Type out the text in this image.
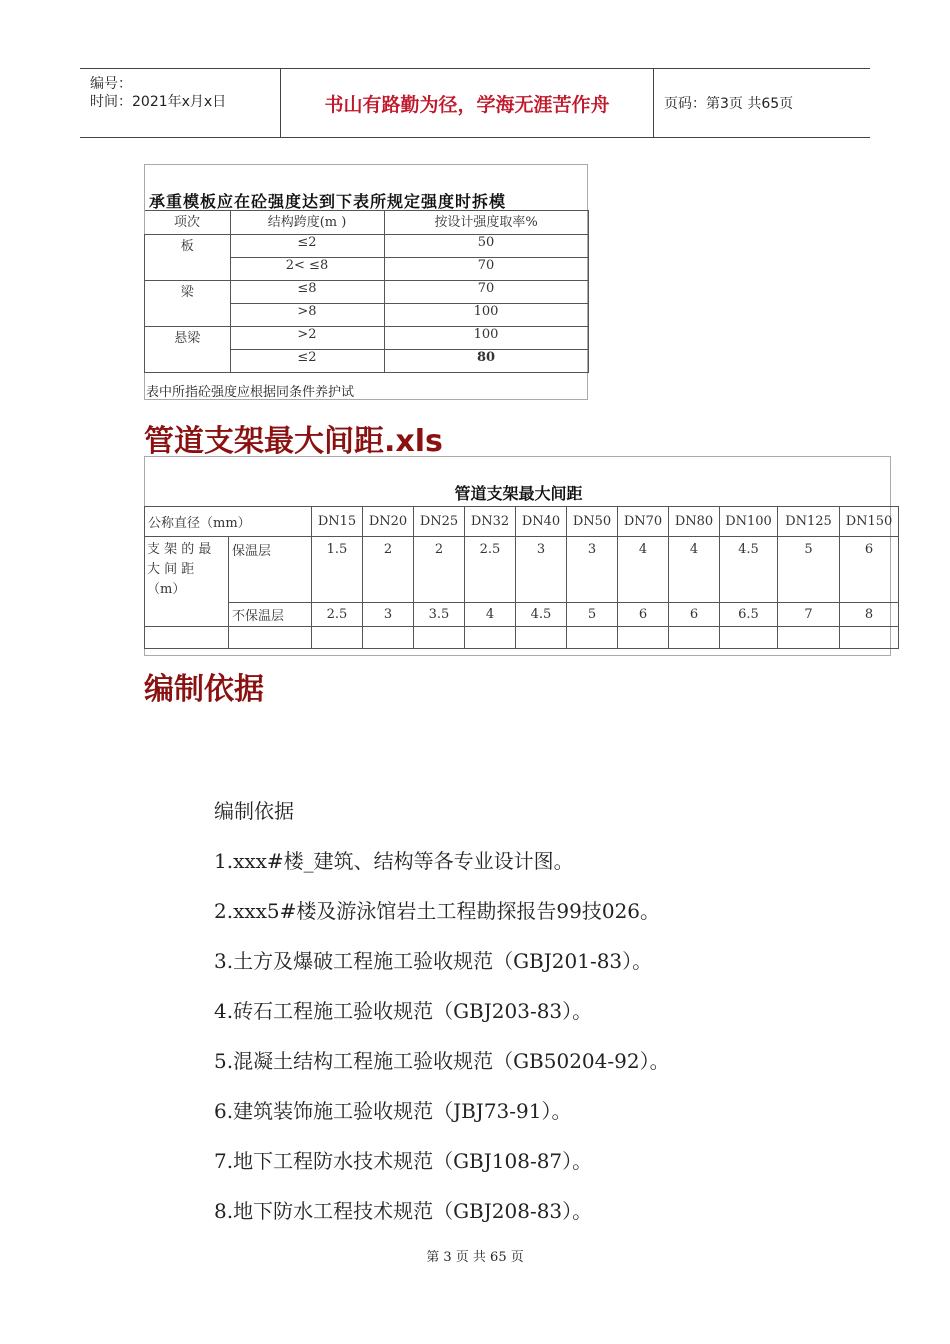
编号：
时间：2021年x月x日	书山有路勤为径，学海无涯苦作舟	页码：第3页 共65页
承重模板应在砼强度达到下表所规定强度时拆模
项次	结构跨度(m )	按设计强度取率%
板	≤2	50
	2< ≤8	70
梁	≤8	70
	>8	100
悬梁	>2	100
	≤2	80
表中所指砼强度应根据同条件养护试
管道支架最大间距.xls
管道支架最大间距
公称直径（mm）		DN15	DN20	DN25	DN32	DN40	DN50	DN70	DN80	DN100	DN125	DN150

支 架 的 最
大 间 距
（m）	保温层	1.5	2	2	2.5	3	3	4	4	4.5	5	6
	不保温层	2.5	3	3.5	4	4.5	5	6	6	6.5	7	8

编制依据
编制依据
1.xxx#楼_建筑、结构等各专业设计图。
2.xxx5#楼及游泳馆岩土工程勘探报告99技026。
3.土方及爆破工程施工验收规范（GBJ201-83）。
4.砖石工程施工验收规范（GBJ203-83）。
5.混凝土结构工程施工验收规范（GB50204-92）。
6.建筑装饰施工验收规范（JBJ73-91）。
7.地下工程防水技术规范（GBJ108-87）。
8.地下防水工程技术规范（GBJ208-83）。
第 3 页 共 65 页
